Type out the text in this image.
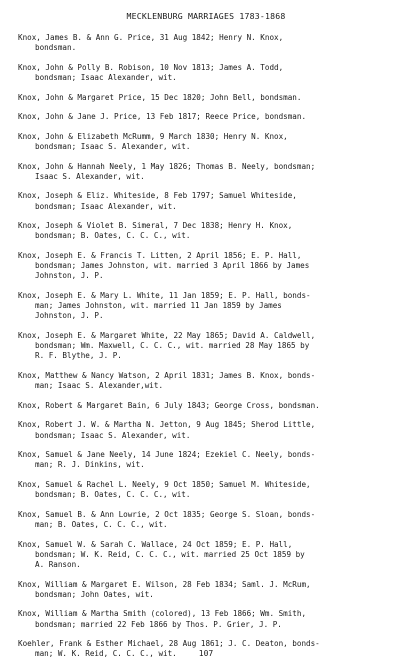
MECKLENBURG MARRIAGES 1783-1868
Knox, James B. & Ann G. Price, 31 Aug 1842; Henry N. Knox,
bondsman.
Knox, John & Polly B. Robison, 10 Nov 1813; James A. Todd,
bondsman; Isaac Alexander, wit.
Knox, John & Margaret Price, 15 Dec 1820; John Bell, bondsman.
Knox, John & Jane J. Price, 13 Feb 1817; Reece Price, bondsman.
Knox, John & Elizabeth McRumm, 9 March 1830; Henry N. Knox,
bondsman; Isaac S. Alexander, wit.
Knox, John & Hannah Neely, 1 May 1826; Thomas B. Neely, bondsman;
Isaac S. Alexander, wit.
Knox, Joseph & Eliz. Whiteside, 8 Feb 1797; Samuel Whiteside,
bondsman; Isaac Alexander, wit.
Knox, Joseph & Violet B. Simeral, 7 Dec 1838; Henry H. Knox,
bondsman; B. Oates, C. C. C., wit.
Knox, Joseph E. & Francis T. Litten, 2 April 1856; E. P. Hall,
bondsman; James Johnston, wit. married 3 April 1866 by James
Johnston, J. P.
Knox, Joseph E. & Mary L. White, 11 Jan 1859; E. P. Hall, bonds-
man; James Johnston, wit. married 11 Jan 1859 by James
Johnston, J. P.
Knox, Joseph E. & Margaret White, 22 May 1865; David A. Caldwell,
bondsman; Wm. Maxwell, C. C. C., wit. married 28 May 1865 by
R. F. Blythe, J. P.
Knox, Matthew & Nancy Watson, 2 April 1831; James B. Knox, bonds-
man; Isaac S. Alexander,wit.
Knox, Robert & Margaret Bain, 6 July 1843; George Cross, bondsman.
Knox, Robert J. W. & Martha N. Jetton, 9 Aug 1845; Sherod Little,
bondsman; Isaac S. Alexander, wit.
Knox, Samuel & Jane Neely, 14 June 1824; Ezekiel C. Neely, bonds-
man; R. J. Dinkins, wit.
Knox, Samuel & Rachel L. Neely, 9 Oct 1850; Samuel M. Whiteside,
bondsman; B. Oates, C. C. C., wit.
Knox, Samuel B. & Ann Lowrie, 2 Oct 1835; George S. Sloan, bonds-
man; B. Oates, C. C. C., wit.
Knox, Samuel W. & Sarah C. Wallace, 24 Oct 1859; E. P. Hall,
bondsman; W. K. Reid, C. C. C., wit. married 25 Oct 1859 by
A. Ranson.
Knox, William & Margaret E. Wilson, 28 Feb 1834; Saml. J. McRum,
bondsman; John Oates, wit.
Knox, William & Martha Smith (colored), 13 Feb 1866; Wm. Smith,
bondsman; married 22 Feb 1866 by Thos. P. Grier, J. P.
Koehler, Frank & Esther Michael, 28 Aug 1861; J. C. Deaton, bonds-
man; W. K. Reid, C. C. C., wit.	107
